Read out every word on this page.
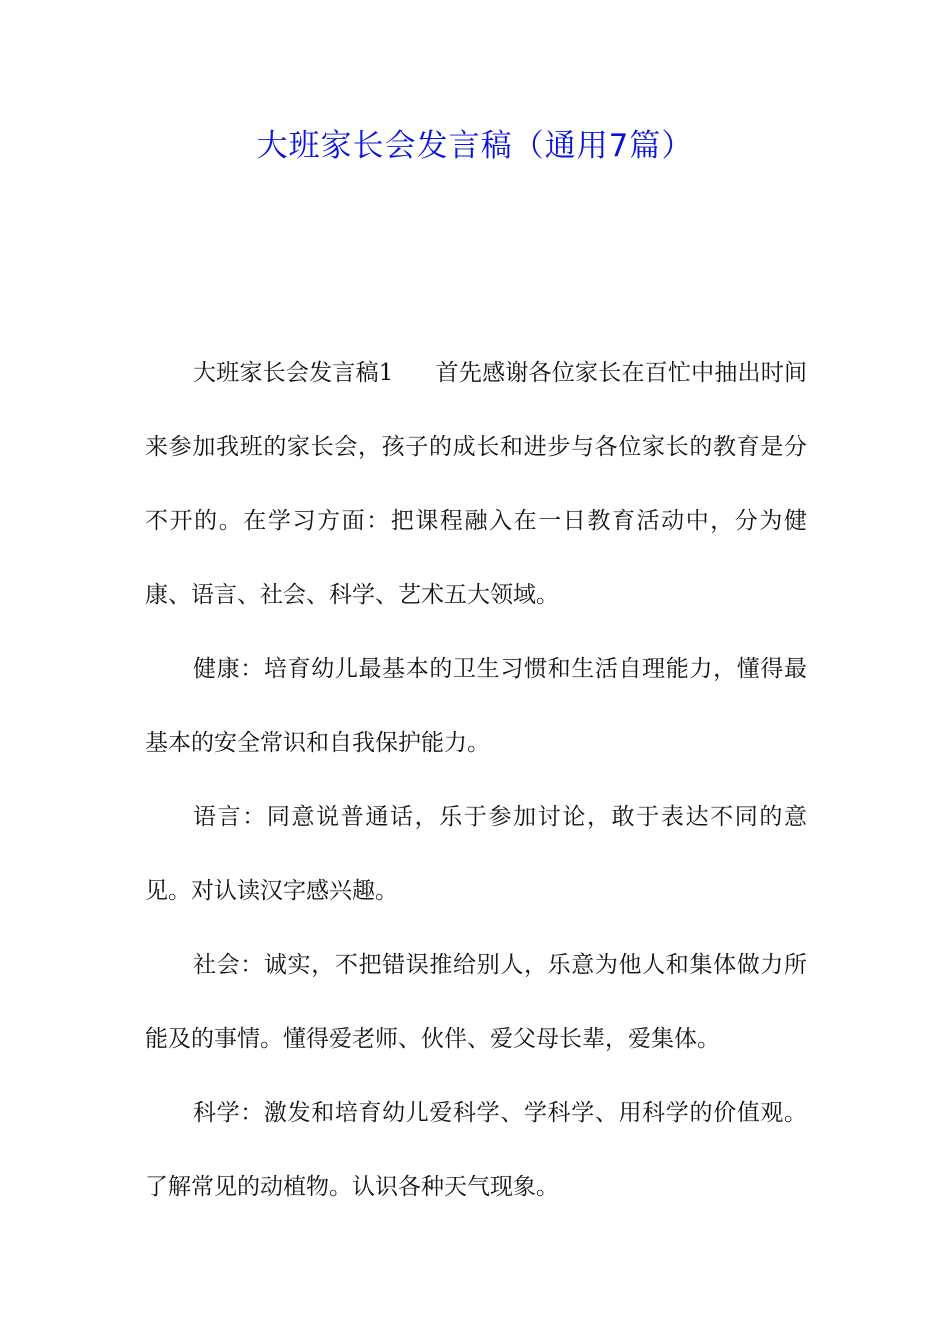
大班家长会发言稿（通用7篇）

大班家长会发言稿1 首先感谢各位家长在百忙中抽出时间来参加我班的家长会，孩子的成长和进步与各位家长的教育是分不开的。在学习方面：把课程融入在一日教育活动中，分为健康、语言、社会、科学、艺术五大领域。

健康：培育幼儿最基本的卫生习惯和生活自理能力，懂得最基本的安全常识和自我保护能力。

语言：同意说普通话，乐于参加讨论，敢于表达不同的意见。对认读汉字感兴趣。

社会：诚实，不把错误推给别人，乐意为他人和集体做力所能及的事情。懂得爱老师、伙伴、爱父母长辈，爱集体。

科学：激发和培育幼儿爱科学、学科学、用科学的价值观。了解常见的动植物。认识各种天气现象。
